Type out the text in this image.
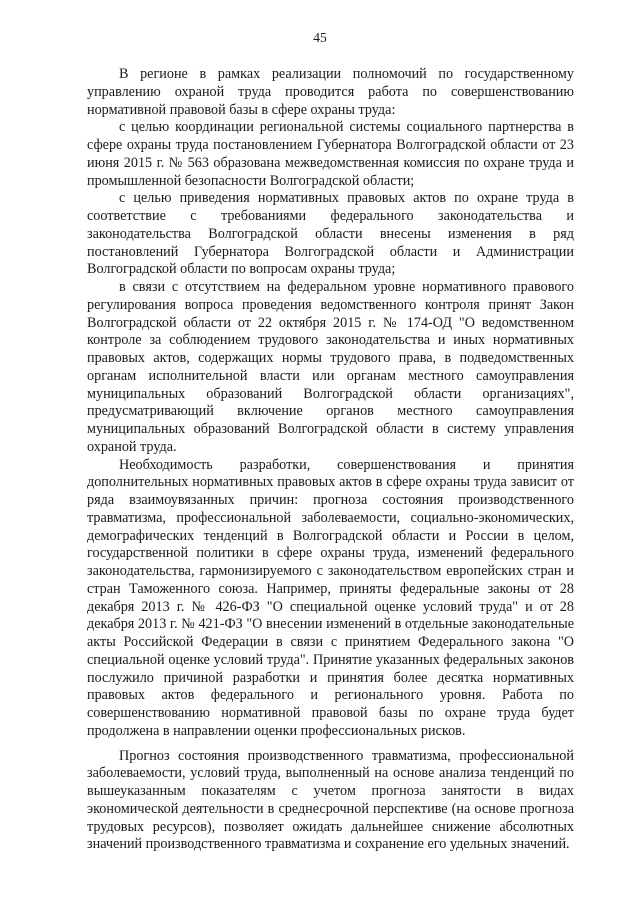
45

В регионе в рамках реализации полномочий по государственному управлению охраной труда проводится работа по совершенствованию нормативной правовой базы в сфере охраны труда:

с целью координации региональной системы социального партнерства в сфере охраны труда постановлением Губернатора Волгоградской области от 23 июня 2015 г. № 563 образована межведомственная комиссия по охране труда и промышленной безопасности Волгоградской области;

с целью приведения нормативных правовых актов по охране труда в соответствие с требованиями федерального законодательства и законодательства Волгоградской области внесены изменения в ряд постановлений Губернатора Волгоградской области и Администрации Волгоградской области по вопросам охраны труда;

в связи с отсутствием на федеральном уровне нормативного правового регулирования вопроса проведения ведомственного контроля принят Закон Волгоградской области от 22 октября 2015 г. № 174-ОД "О ведомственном контроле за соблюдением трудового законодательства и иных нормативных правовых актов, содержащих нормы трудового права, в подведомственных органам исполнительной власти или органам местного самоуправления муниципальных образований Волгоградской области организациях", предусматривающий включение органов местного самоуправления муниципальных образований Волгоградской области в систему управления охраной труда.

Необходимость разработки, совершенствования и принятия дополнительных нормативных правовых актов в сфере охраны труда зависит от ряда взаимоувязанных причин: прогноза состояния производственного травматизма, профессиональной заболеваемости, социально-экономических, демографических тенденций в Волгоградской области и России в целом, государственной политики в сфере охраны труда, изменений федерального законодательства, гармонизируемого с законодательством европейских стран и стран Таможенного союза. Например, приняты федеральные законы от 28 декабря 2013 г. № 426-ФЗ "О специальной оценке условий труда" и от 28 декабря 2013 г. № 421-ФЗ "О внесении изменений в отдельные законодательные акты Российской Федерации в связи с принятием Федерального закона "О специальной оценке условий труда". Принятие указанных федеральных законов послужило причиной разработки и принятия более десятка нормативных правовых актов федерального и регионального уровня. Работа по совершенствованию нормативной правовой базы по охране труда будет продолжена в направлении оценки профессиональных рисков.

Прогноз состояния производственного травматизма, профессиональной заболеваемости, условий труда, выполненный на основе анализа тенденций по вышеуказанным показателям с учетом прогноза занятости в видах экономической деятельности в среднесрочной перспективе (на основе прогноза трудовых ресурсов), позволяет ожидать дальнейшее снижение абсолютных значений производственного травматизма и сохранение его удельных значений.
